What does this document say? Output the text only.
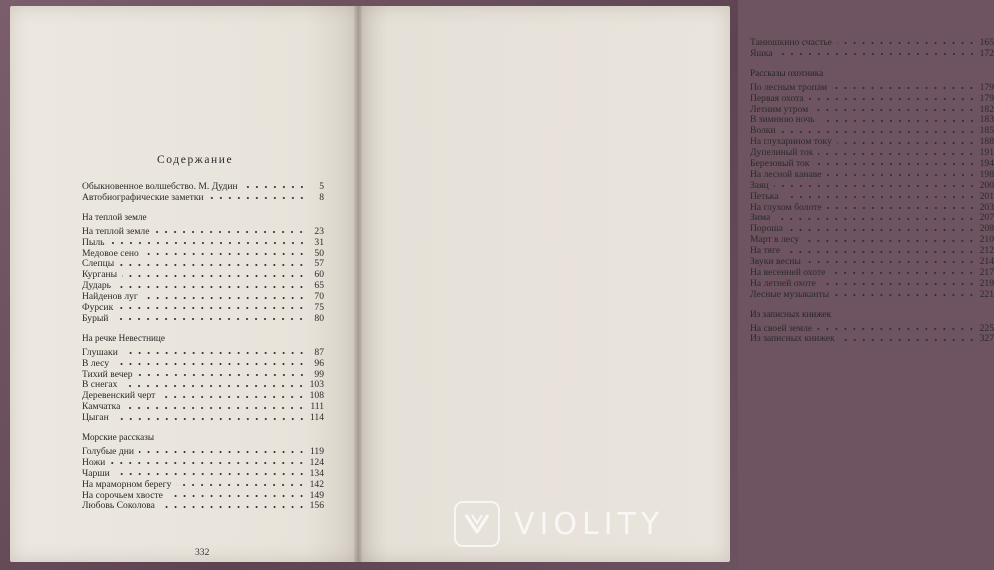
Содержание
Обыкновенное волшебство. М. Дудин	5
Автобиографические заметки	8
На теплой земле
На теплой земле	23
Пыль	31
Медовое сено	50
Слепцы	57
Курганы	60
Дударь	65
Найденов луг	70
Фурсик	75
Бурый	80
На речке Невестнице
Глушаки	87
В лесу	96
Тихий вечер	99
В снегах	103
Деревенский черт	108
Камчатка	111
Цыган	114
Морские рассказы
Голубые дни	119
Ножи	124
Чарши	134
На мраморном берегу	142
На сорочьем хвосте	149
Любовь Соколова	156
332
Танюшкино счастье	165
Яшка	172
Рассказы охотника
По лесным тропам	179
Первая охота	179
Летним утром	182
В зимнюю ночь	183
Волки	185
На глухарином току	188
Дупелиный ток	191
Березовый ток	194
На лесной канаве	198
Заяц	200
Петька	201
На глухом болоте	203
Зима	207
Пороша	208
Март в лесу	210
На тяге	212
Звуки весны	214
На весенней охоте	217
На летней охоте	219
Лесные музыканты	221
Из записных книжек
На своей земле	225
Из записных книжек	327
VIOLITY
